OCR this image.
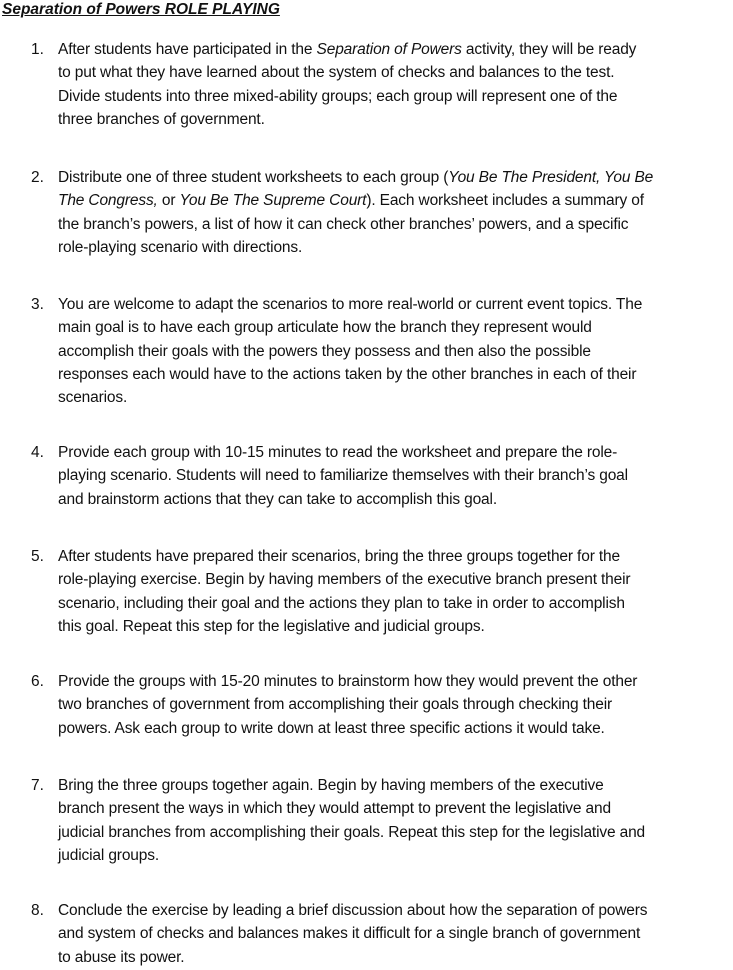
Separation of Powers ROLE PLAYING
1. After students have participated in the Separation of Powers activity, they will be ready
to put what they have learned about the system of checks and balances to the test.
Divide students into three mixed-ability groups; each group will represent one of the
three branches of government.
2. Distribute one of three student worksheets to each group (You Be The President, You Be
The Congress, or You Be The Supreme Court). Each worksheet includes a summary of
the branch’s powers, a list of how it can check other branches’ powers, and a specific
role-playing scenario with directions.
3. You are welcome to adapt the scenarios to more real-world or current event topics. The
main goal is to have each group articulate how the branch they represent would
accomplish their goals with the powers they possess and then also the possible
responses each would have to the actions taken by the other branches in each of their
scenarios.
4. Provide each group with 10-15 minutes to read the worksheet and prepare the role-
playing scenario. Students will need to familiarize themselves with their branch’s goal
and brainstorm actions that they can take to accomplish this goal.
5. After students have prepared their scenarios, bring the three groups together for the
role-playing exercise. Begin by having members of the executive branch present their
scenario, including their goal and the actions they plan to take in order to accomplish
this goal. Repeat this step for the legislative and judicial groups.
6. Provide the groups with 15-20 minutes to brainstorm how they would prevent the other
two branches of government from accomplishing their goals through checking their
powers. Ask each group to write down at least three specific actions it would take.
7. Bring the three groups together again. Begin by having members of the executive
branch present the ways in which they would attempt to prevent the legislative and
judicial branches from accomplishing their goals. Repeat this step for the legislative and
judicial groups.
8. Conclude the exercise by leading a brief discussion about how the separation of powers
and system of checks and balances makes it difficult for a single branch of government
to abuse its power.
